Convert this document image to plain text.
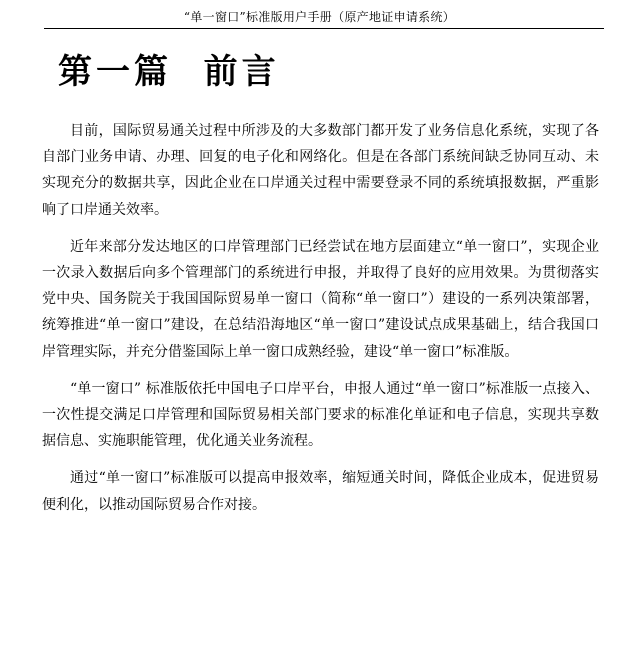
“单一窗口”标准版用户手册（原产地证申请系统）
第一篇  前言

目前，国际贸易通关过程中所涉及的大多数部门都开发了业务信息化系统，实现了各自部门业务申请、办理、回复的电子化和网络化。但是在各部门系统间缺乏协同互动、未实现充分的数据共享，因此企业在口岸通关过程中需要登录不同的系统填报数据，严重影响了口岸通关效率。

近年来部分发达地区的口岸管理部门已经尝试在地方层面建立“单一窗口”，实现企业一次录入数据后向多个管理部门的系统进行申报，并取得了良好的应用效果。为贯彻落实党中央、国务院关于我国国际贸易单一窗口（简称“单一窗口”）建设的一系列决策部署，统筹推进“单一窗口”建设，在总结沿海地区“单一窗口”建设试点成果基础上，结合我国口岸管理实际，并充分借鉴国际上单一窗口成熟经验，建设“单一窗口”标准版。

“单一窗口” 标准版依托中国电子口岸平台，申报人通过“单一窗口”标准版一点接入、一次性提交满足口岸管理和国际贸易相关部门要求的标准化单证和电子信息，实现共享数据信息、实施职能管理，优化通关业务流程。

通过“单一窗口”标准版可以提高申报效率，缩短通关时间，降低企业成本，促进贸易便利化，以推动国际贸易合作对接。
